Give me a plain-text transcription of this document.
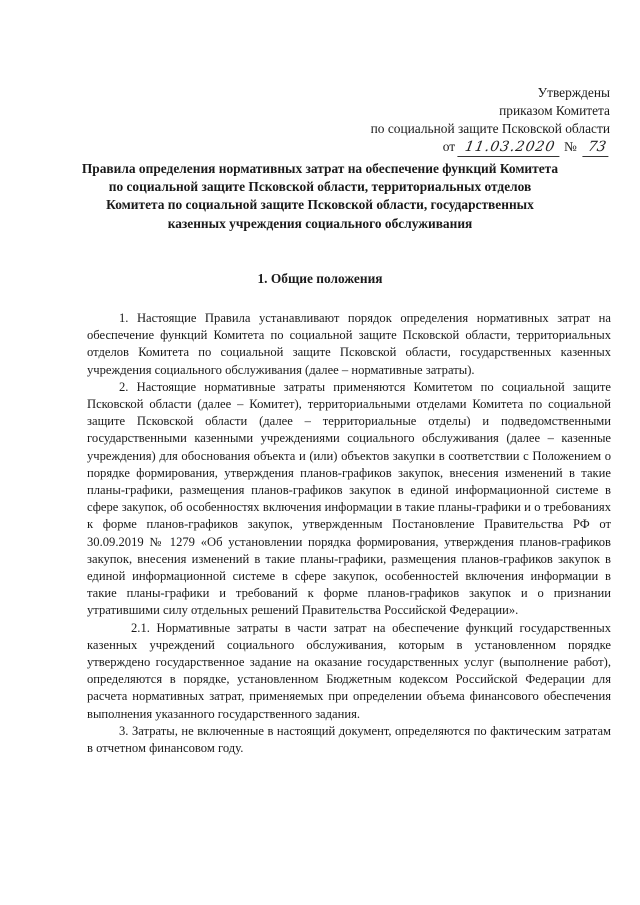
Утверждены
приказом Комитета
по социальной защите Псковской области
от 11.03.2020 № 73
Правила определения нормативных затрат на обеспечение функций Комитета по социальной защите Псковской области, территориальных отделов Комитета по социальной защите Псковской области, государственных казенных учреждения социального обслуживания
1. Общие положения

1. Настоящие Правила устанавливают порядок определения нормативных затрат на обеспечение функций Комитета по социальной защите Псковской области, территориальных отделов Комитета по социальной защите Псковской области, государственных казенных учреждения социального обслуживания (далее – нормативные затраты).

2. Настоящие нормативные затраты применяются Комитетом по социальной защите Псковской области (далее – Комитет), территориальными отделами Комитета по социальной защите Псковской области (далее – территориальные отделы) и подведомственными государственными казенными учреждениями социального обслуживания (далее – казенные учреждения) для обоснования объекта и (или) объектов закупки в соответствии с Положением о порядке формирования, утверждения планов-графиков закупок, внесения изменений в такие планы-графики, размещения планов-графиков закупок в единой информационной системе в сфере закупок, об особенностях включения информации в такие планы-графики и о требованиях к форме планов-графиков закупок, утвержденным Постановление Правительства РФ от 30.09.2019 № 1279 «Об установлении порядка формирования, утверждения планов-графиков закупок, внесения изменений в такие планы-графики, размещения планов-графиков закупок в единой информационной системе в сфере закупок, особенностей включения информации в такие планы-графики и требований к форме планов-графиков закупок и о признании утратившими силу отдельных решений Правительства Российской Федерации».

2.1. Нормативные затраты в части затрат на обеспечение функций государственных казенных учреждений социального обслуживания, которым в установленном порядке утверждено государственное задание на оказание государственных услуг (выполнение работ), определяются в порядке, установленном Бюджетным кодексом Российской Федерации для расчета нормативных затрат, применяемых при определении объема финансового обеспечения выполнения указанного государственного задания.

3. Затраты, не включенные в настоящий документ, определяются по фактическим затратам в отчетном финансовом году.
